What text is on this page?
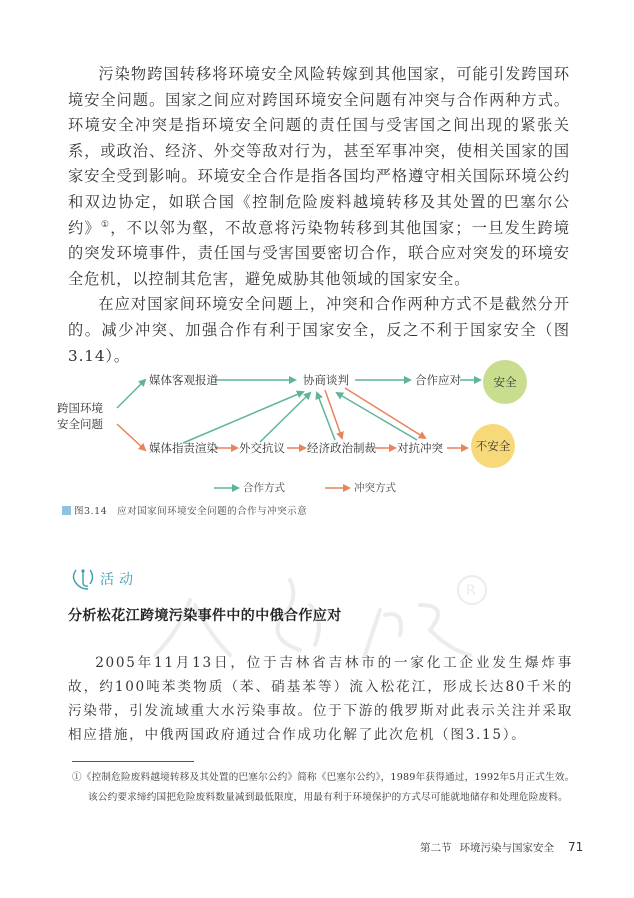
污染物跨国转移将环境安全风险转嫁到其他国家，可能引发跨国环境安全问题。国家之间应对跨国环境安全问题有冲突与合作两种方式。环境安全冲突是指环境安全问题的责任国与受害国之间出现的紧张关系，或政治、经济、外交等敌对行为，甚至军事冲突，使相关国家的国家安全受到影响。环境安全合作是指各国均严格遵守相关国际环境公约和双边协定，如联合国《控制危险废料越境转移及其处置的巴塞尔公约》①，不以邻为壑，不故意将污染物转移到其他国家；一旦发生跨境的突发环境事件，责任国与受害国要密切合作，联合应对突发的环境安全危机，以控制其危害，避免威胁其他领域的国家安全。

在应对国家间环境安全问题上，冲突和合作两种方式不是截然分开的。减少冲突、加强合作有利于国家安全，反之不利于国家安全（图 3.14）。

跨国环境
安全问题
媒体客观报道	协商谈判	合作应对	安全
媒体指责渲染 外交抗议 经济政治制裁 对抗冲突	不安全
合作方式	冲突方式
图3.14 应对国家间环境安全问题的合作与冲突示意
R
活动
分析松花江跨境污染事件中的中俄合作应对

2005年11月13日，位于吉林省吉林市的一家化工企业发生爆炸事故，约100吨苯类物质（苯、硝基苯等）流入松花江，形成长达80千米的污染带，引发流域重大水污染事故。位于下游的俄罗斯对此表示关注并采取相应措施，中俄两国政府通过合作成功化解了此次危机（图3.15）。

①《控制危险废料越境转移及其处置的巴塞尔公约》简称《巴塞尔公约》，1989年获得通过，1992年5月正式生效。
该公约要求缔约国把危险废料数量减到最低限度，用最有利于环境保护的方式尽可能就地储存和处理危险废料。
第二节 环境污染与国家安全 71
